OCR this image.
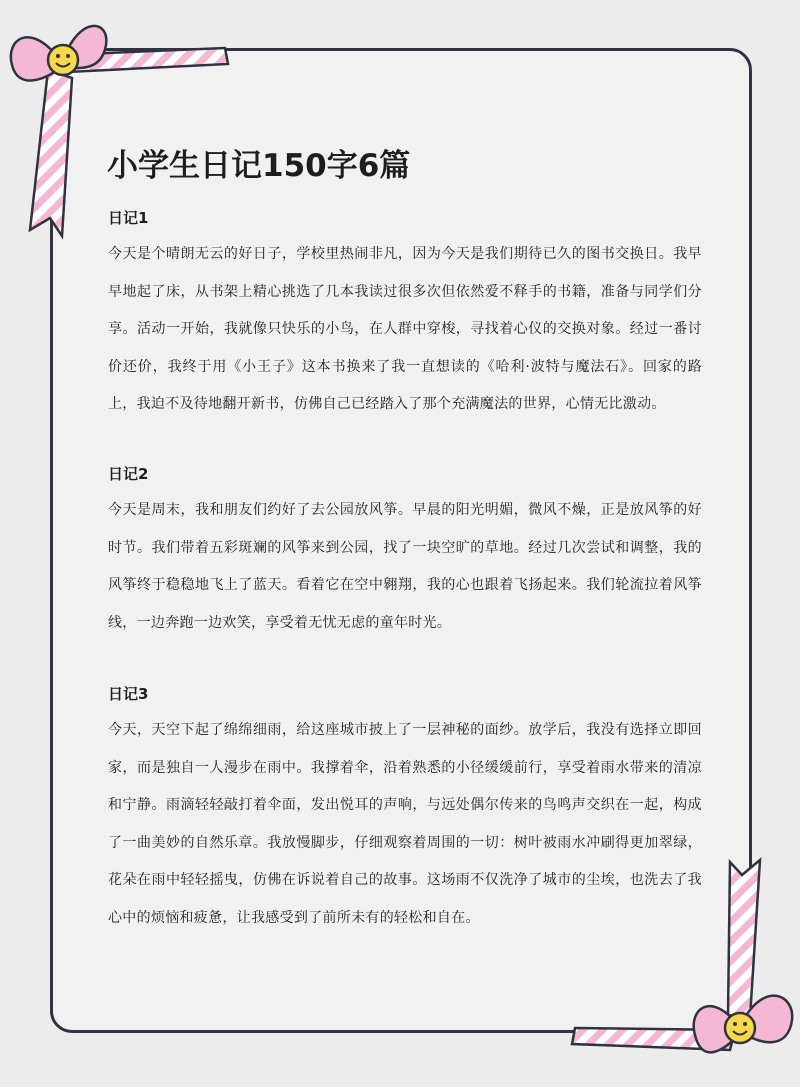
小学生日记150字6篇
日记1

今天是个晴朗无云的好日子，学校里热闹非凡，因为今天是我们期待已久的图书交换日。我早早地起了床，从书架上精心挑选了几本我读过很多次但依然爱不释手的书籍，准备与同学们分享。活动一开始，我就像只快乐的小鸟，在人群中穿梭，寻找着心仪的交换对象。经过一番讨价还价，我终于用《小王子》这本书换来了我一直想读的《哈利·波特与魔法石》。回家的路上，我迫不及待地翻开新书，仿佛自己已经踏入了那个充满魔法的世界，心情无比激动。

日记2

今天是周末，我和朋友们约好了去公园放风筝。早晨的阳光明媚，微风不燥，正是放风筝的好时节。我们带着五彩斑斓的风筝来到公园，找了一块空旷的草地。经过几次尝试和调整，我的风筝终于稳稳地飞上了蓝天。看着它在空中翱翔，我的心也跟着飞扬起来。我们轮流拉着风筝线，一边奔跑一边欢笑，享受着无忧无虑的童年时光。

日记3

今天，天空下起了绵绵细雨，给这座城市披上了一层神秘的面纱。放学后，我没有选择立即回家，而是独自一人漫步在雨中。我撑着伞，沿着熟悉的小径缓缓前行，享受着雨水带来的清凉和宁静。雨滴轻轻敲打着伞面，发出悦耳的声响，与远处偶尔传来的鸟鸣声交织在一起，构成了一曲美妙的自然乐章。我放慢脚步，仔细观察着周围的一切：树叶被雨水冲刷得更加翠绿，花朵在雨中轻轻摇曳，仿佛在诉说着自己的故事。这场雨不仅洗净了城市的尘埃，也洗去了我心中的烦恼和疲惫，让我感受到了前所未有的轻松和自在。
